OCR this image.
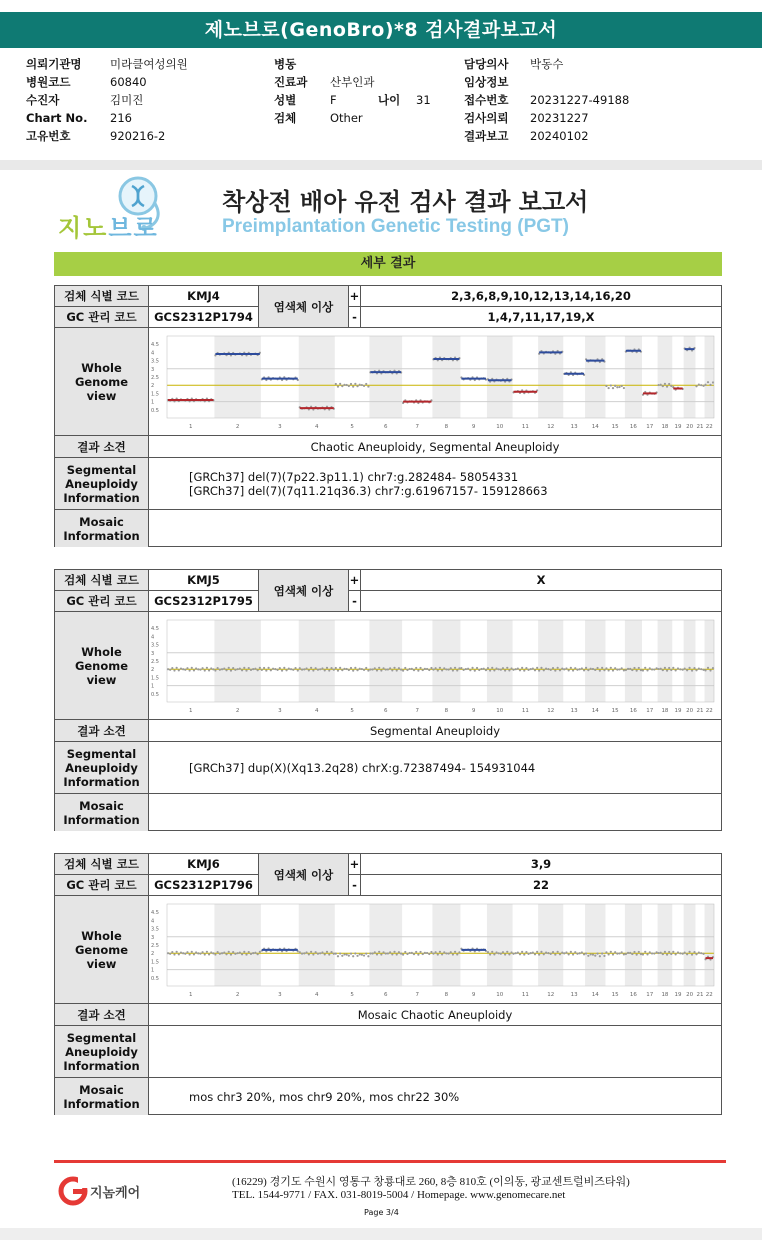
제노브로(GenoBro)*8 검사결과보고서
의뢰기관명 미라클여성의원
병원코드	60840
수진자	김미진
Chart No. 216
고유번호	920216-2
병동
진료과 산부인과
성별	F	나이 31
검체	Other
담당의사 박동수
임상정보
접수번호 20231227-49188
검사의뢰 20231227
결과보고 20240102
지노브로
착상전 배아 유전 검사 결과 보고서
Preimplantation Genetic Testing (PGT)
세부 결과
검체 식별 코드	KMJ4	+	2,3,6,8,9,10,12,13,14,16,20
GC 관리 코드	GCS2312P1794	-	1,4,7,11,17,19,X
염색체 이상
Whole Genome view
4.5
4
3.5
3
2.5
2
1.5
1
0.5
1	2	3	4	5	6	7	8	9	10	11	12	13	14 15 16 17 18 19 20 21 22
결과 소견	Chaotic Aneuploidy, Segmental Aneuploidy
Segmental Aneuploidy Information
[GRCh37] del(7)(7p22.3p11.1) chr7:g.282484- 58054331
[GRCh37] del(7)(7q11.21q36.3) chr7:g.61967157- 159128663
Mosaic Information
검체 식별 코드	KMJ5	+	X
GC 관리 코드	GCS2312P1795	-
염색체 이상
Whole Genome view
4.5
4
3.5
3
2.5
2
1.5
1
0.5
1	2	3	4	5	6	7	8	9	10	11	12	13	14 15 16 17 18 19 20 21 22
결과 소견	Segmental Aneuploidy
Segmental Aneuploidy Information
[GRCh37] dup(X)(Xq13.2q28) chrX:g.72387494- 154931044
Mosaic Information
검체 식별 코드	KMJ6	+	3,9
GC 관리 코드	GCS2312P1796	-	22
염색체 이상
Whole Genome view
4.5
4
3.5
3
2.5
2
1.5
1
0.5
1	2	3	4	5	6	7	8	9	10	11	12	13	14 15 16 17 18 19 20 21 22
결과 소견	Mosaic Chaotic Aneuploidy
Segmental Aneuploidy Information
Mosaic Information	mos chr3 20%, mos chr9 20%, mos chr22 30%
지놈케어
(16229) 경기도 수원시 영통구 창룡대로 260, 8층 810호 (이의동, 광교센트럴비즈타워)
TEL. 1544-9771 / FAX. 031-8019-5004 / Homepage. www.genomecare.net
Page 3/4
